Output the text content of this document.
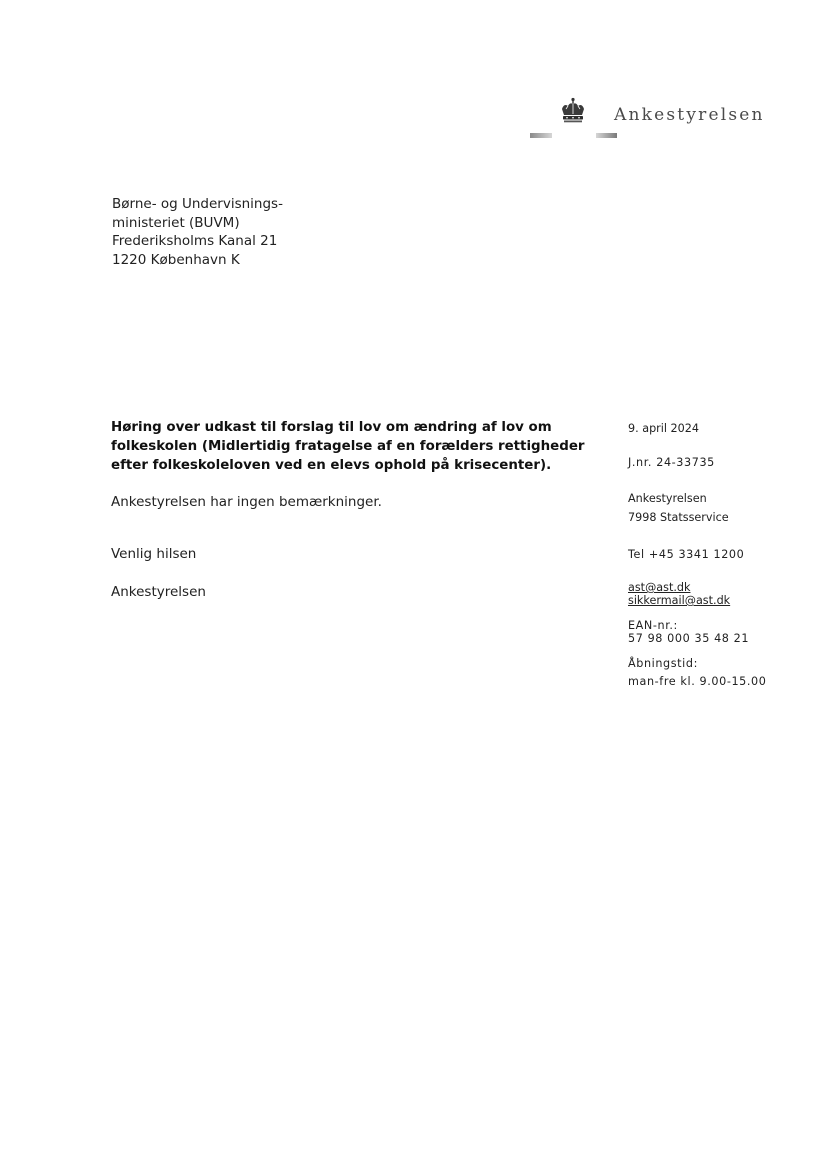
Ankestyrelsen
Børne- og Undervisnings-
ministeriet (BUVM)
Frederiksholms Kanal 21
1220 København K
Høring over udkast til forslag til lov om ændring af lov om folkeskolen (Midlertidig fratagelse af en forælders rettigheder efter folkeskoleloven ved en elevs ophold på krisecenter).
Ankestyrelsen har ingen bemærkninger.
Venlig hilsen
Ankestyrelsen
9. april 2024
J.nr. 24-33735
Ankestyrelsen
7998 Statsservice
Tel +45 3341 1200
ast@ast.dk
sikkermail@ast.dk
EAN-nr.:
57 98 000 35 48 21
Åbningstid:
man-fre kl. 9.00-15.00
